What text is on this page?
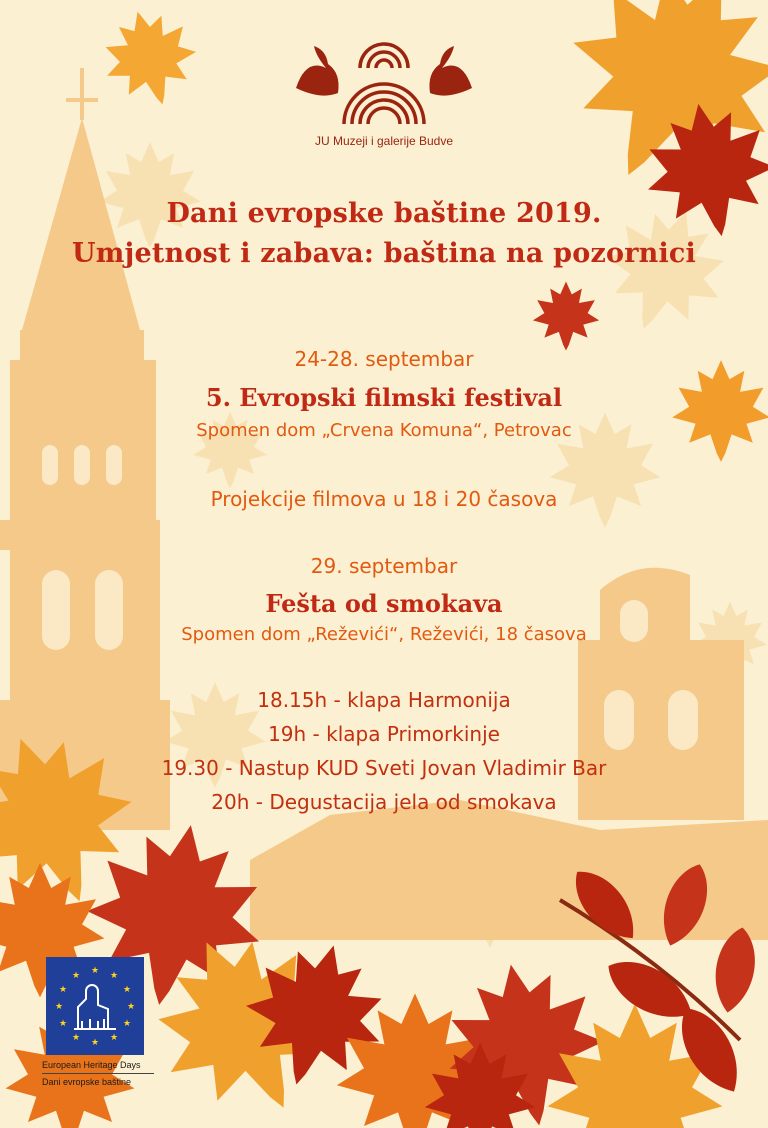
JU Muzeji i galerije Budve
Dani evropske baštine 2019.
Umjetnost i zabava: baština na pozornici
24-28. septembar
5. Evropski filmski festival
Spomen dom „Crvena Komuna“, Petrovac
Projekcije filmova u 18 i 20 časova
29. septembar
Fešta od smokava
Spomen dom „Reževići“, Reževići, 18 časova
18.15h - klapa Harmonija
19h - klapa Primorkinje
19.30 - Nastup KUD Sveti Jovan Vladimir Bar
20h - Degustacija jela od smokava
★ ★
★
★
★
★
★
★
★
★
★
★
European Heritage Days
Dani evropske baštine
